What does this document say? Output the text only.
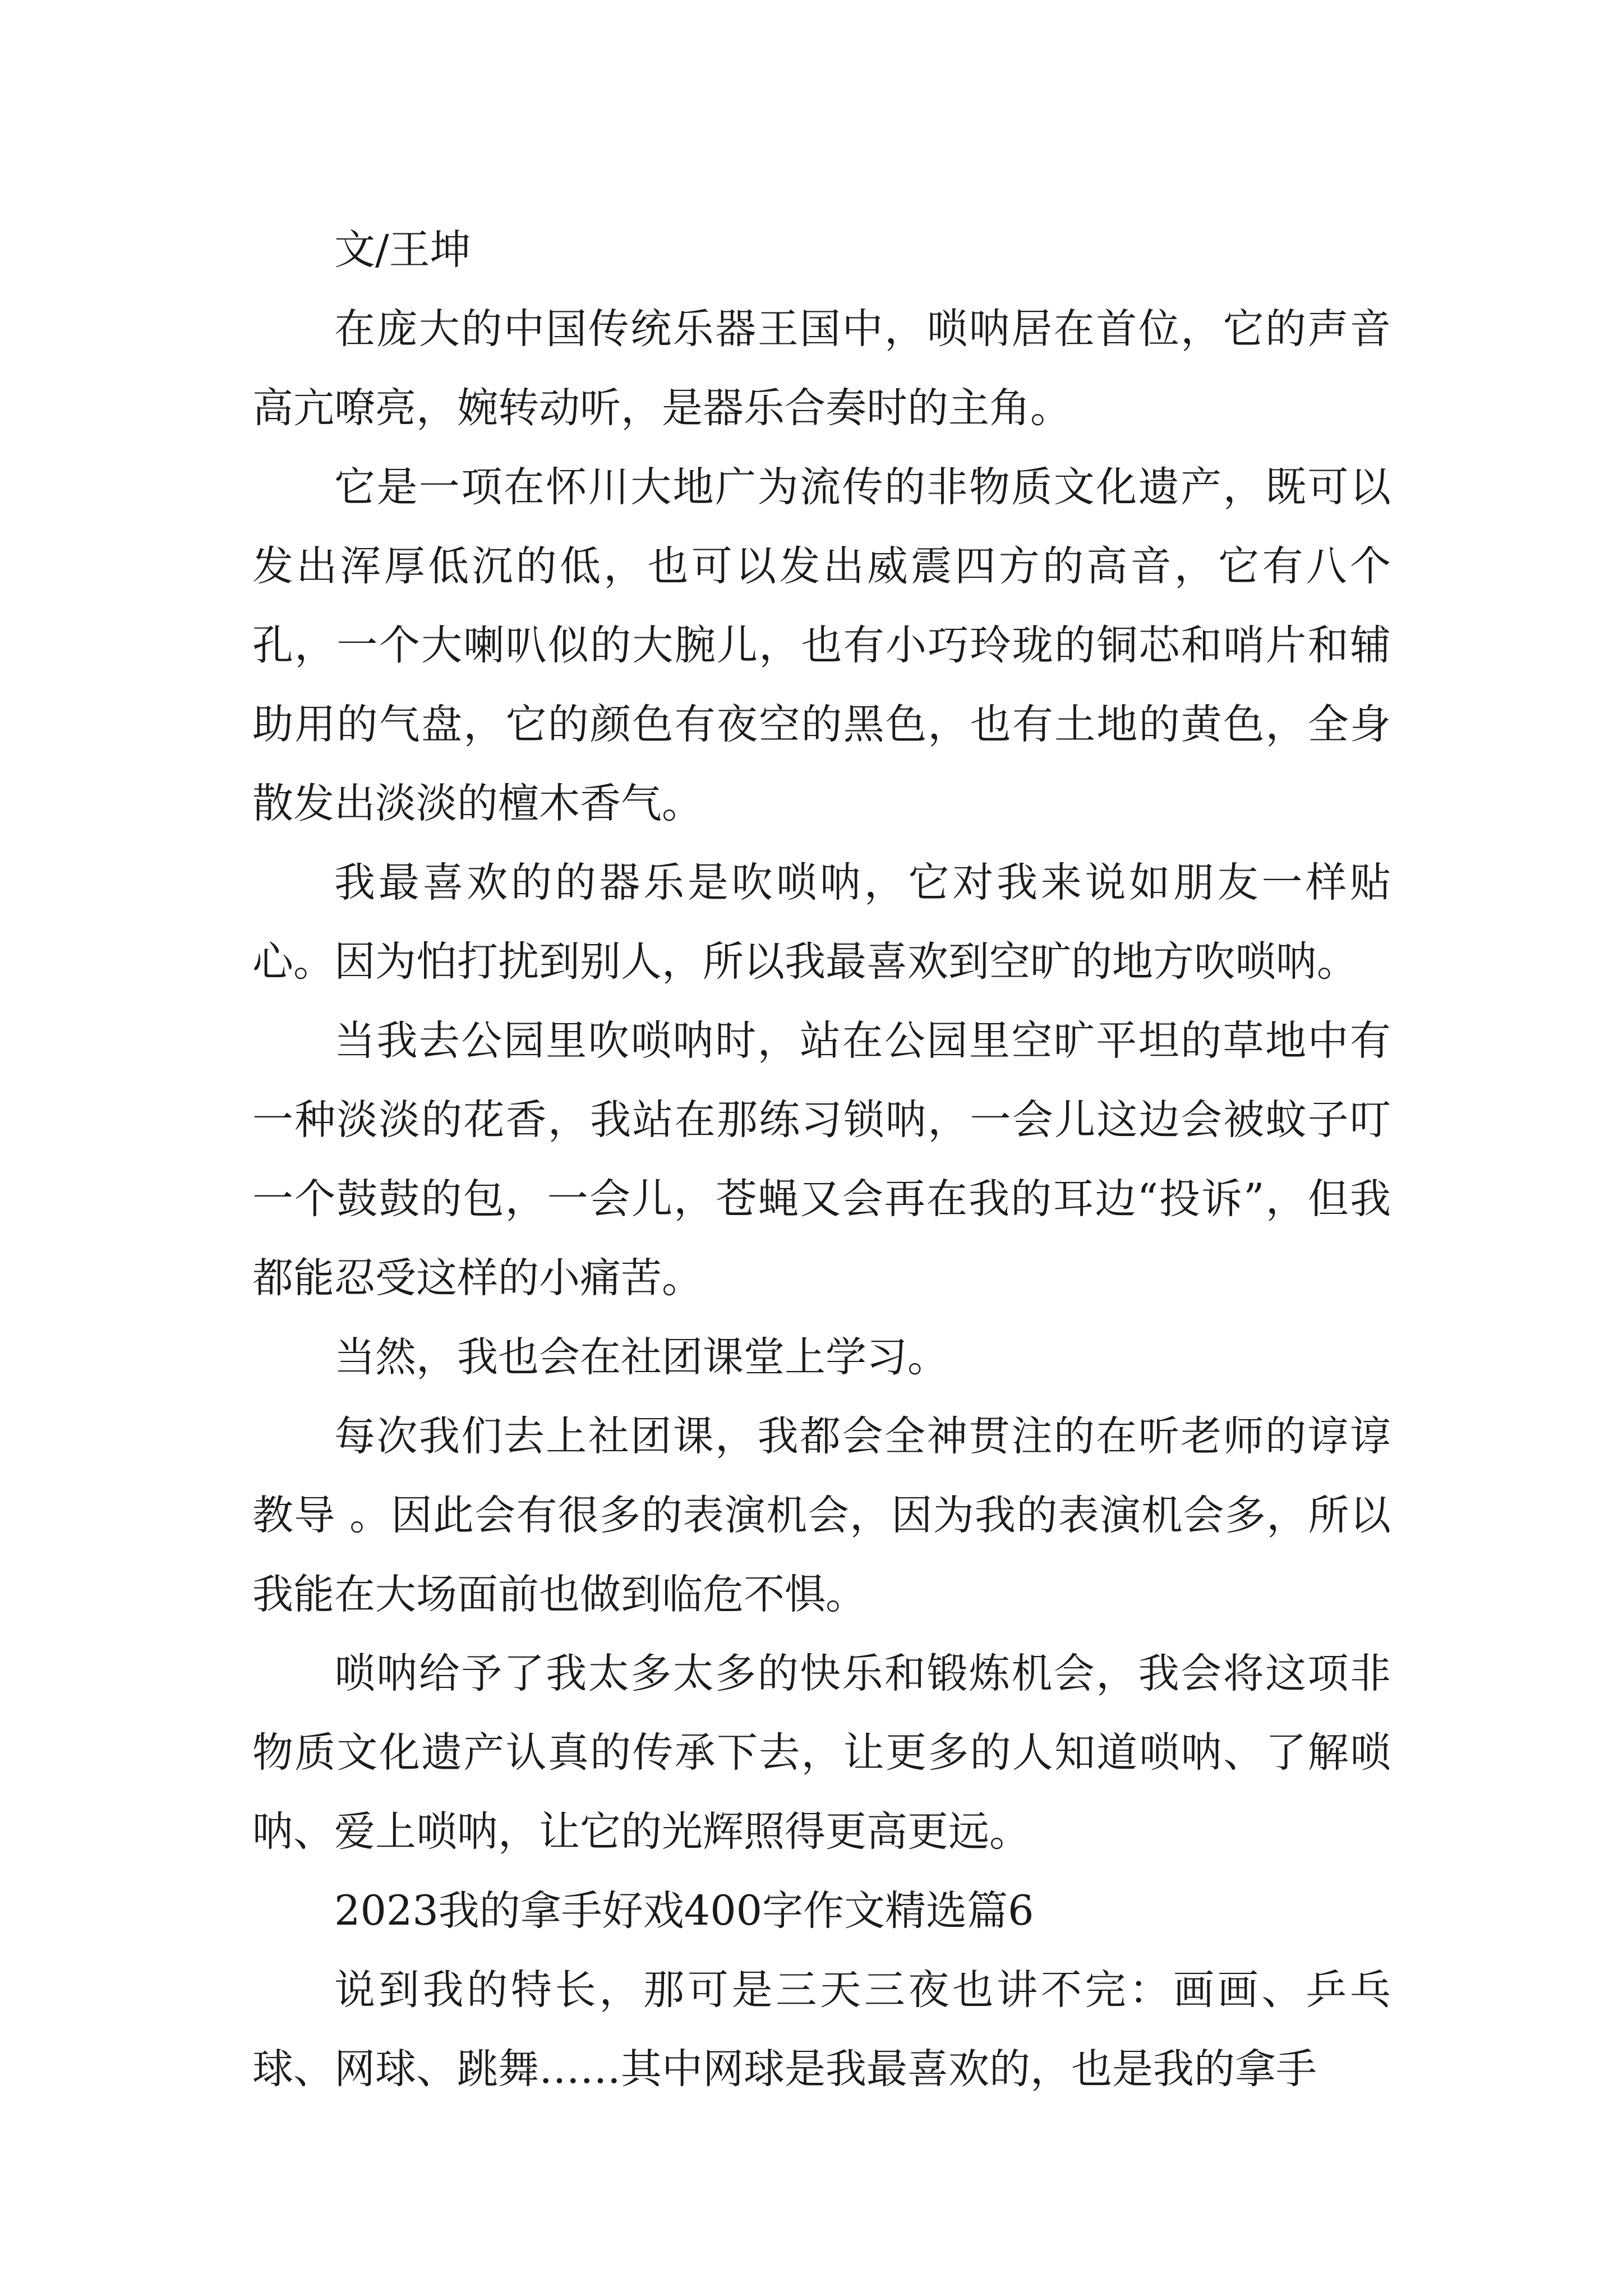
文/王坤

在庞大的中国传统乐器王国中，唢呐居在首位，它的声音高亢嘹亮，婉转动听，是器乐合奏时的主角。

它是一项在怀川大地广为流传的非物质文化遗产，既可以发出浑厚低沉的低，也可以发出威震四方的高音，它有八个孔，一个大喇叭似的大腕儿，也有小巧玲珑的铜芯和哨片和辅助用的气盘，它的颜色有夜空的黑色，也有土地的黄色，全身散发出淡淡的檀木香气。

我最喜欢的的器乐是吹唢呐，它对我来说如朋友一样贴心。因为怕打扰到别人，所以我最喜欢到空旷的地方吹唢呐。

当我去公园里吹唢呐时，站在公园里空旷平坦的草地中有一种淡淡的花香，我站在那练习锁呐，一会儿这边会被蚊子叮一个鼓鼓的包，一会儿，苍蝇又会再在我的耳边“投诉”，但我都能忍受这样的小痛苦。

当然，我也会在社团课堂上学习。

每次我们去上社团课，我都会全神贯注的在听老师的谆谆教导 。因此会有很多的表演机会，因为我的表演机会多，所以我能在大场面前也做到临危不惧。

唢呐给予了我太多太多的快乐和锻炼机会，我会将这项非物质文化遗产认真的传承下去，让更多的人知道唢呐、了解唢呐、爱上唢呐，让它的光辉照得更高更远。

2023我的拿手好戏400字作文精选篇6

说到我的特长，那可是三天三夜也讲不完：画画、乒乓球、网球、跳舞……其中网球是我最喜欢的，也是我的拿手
